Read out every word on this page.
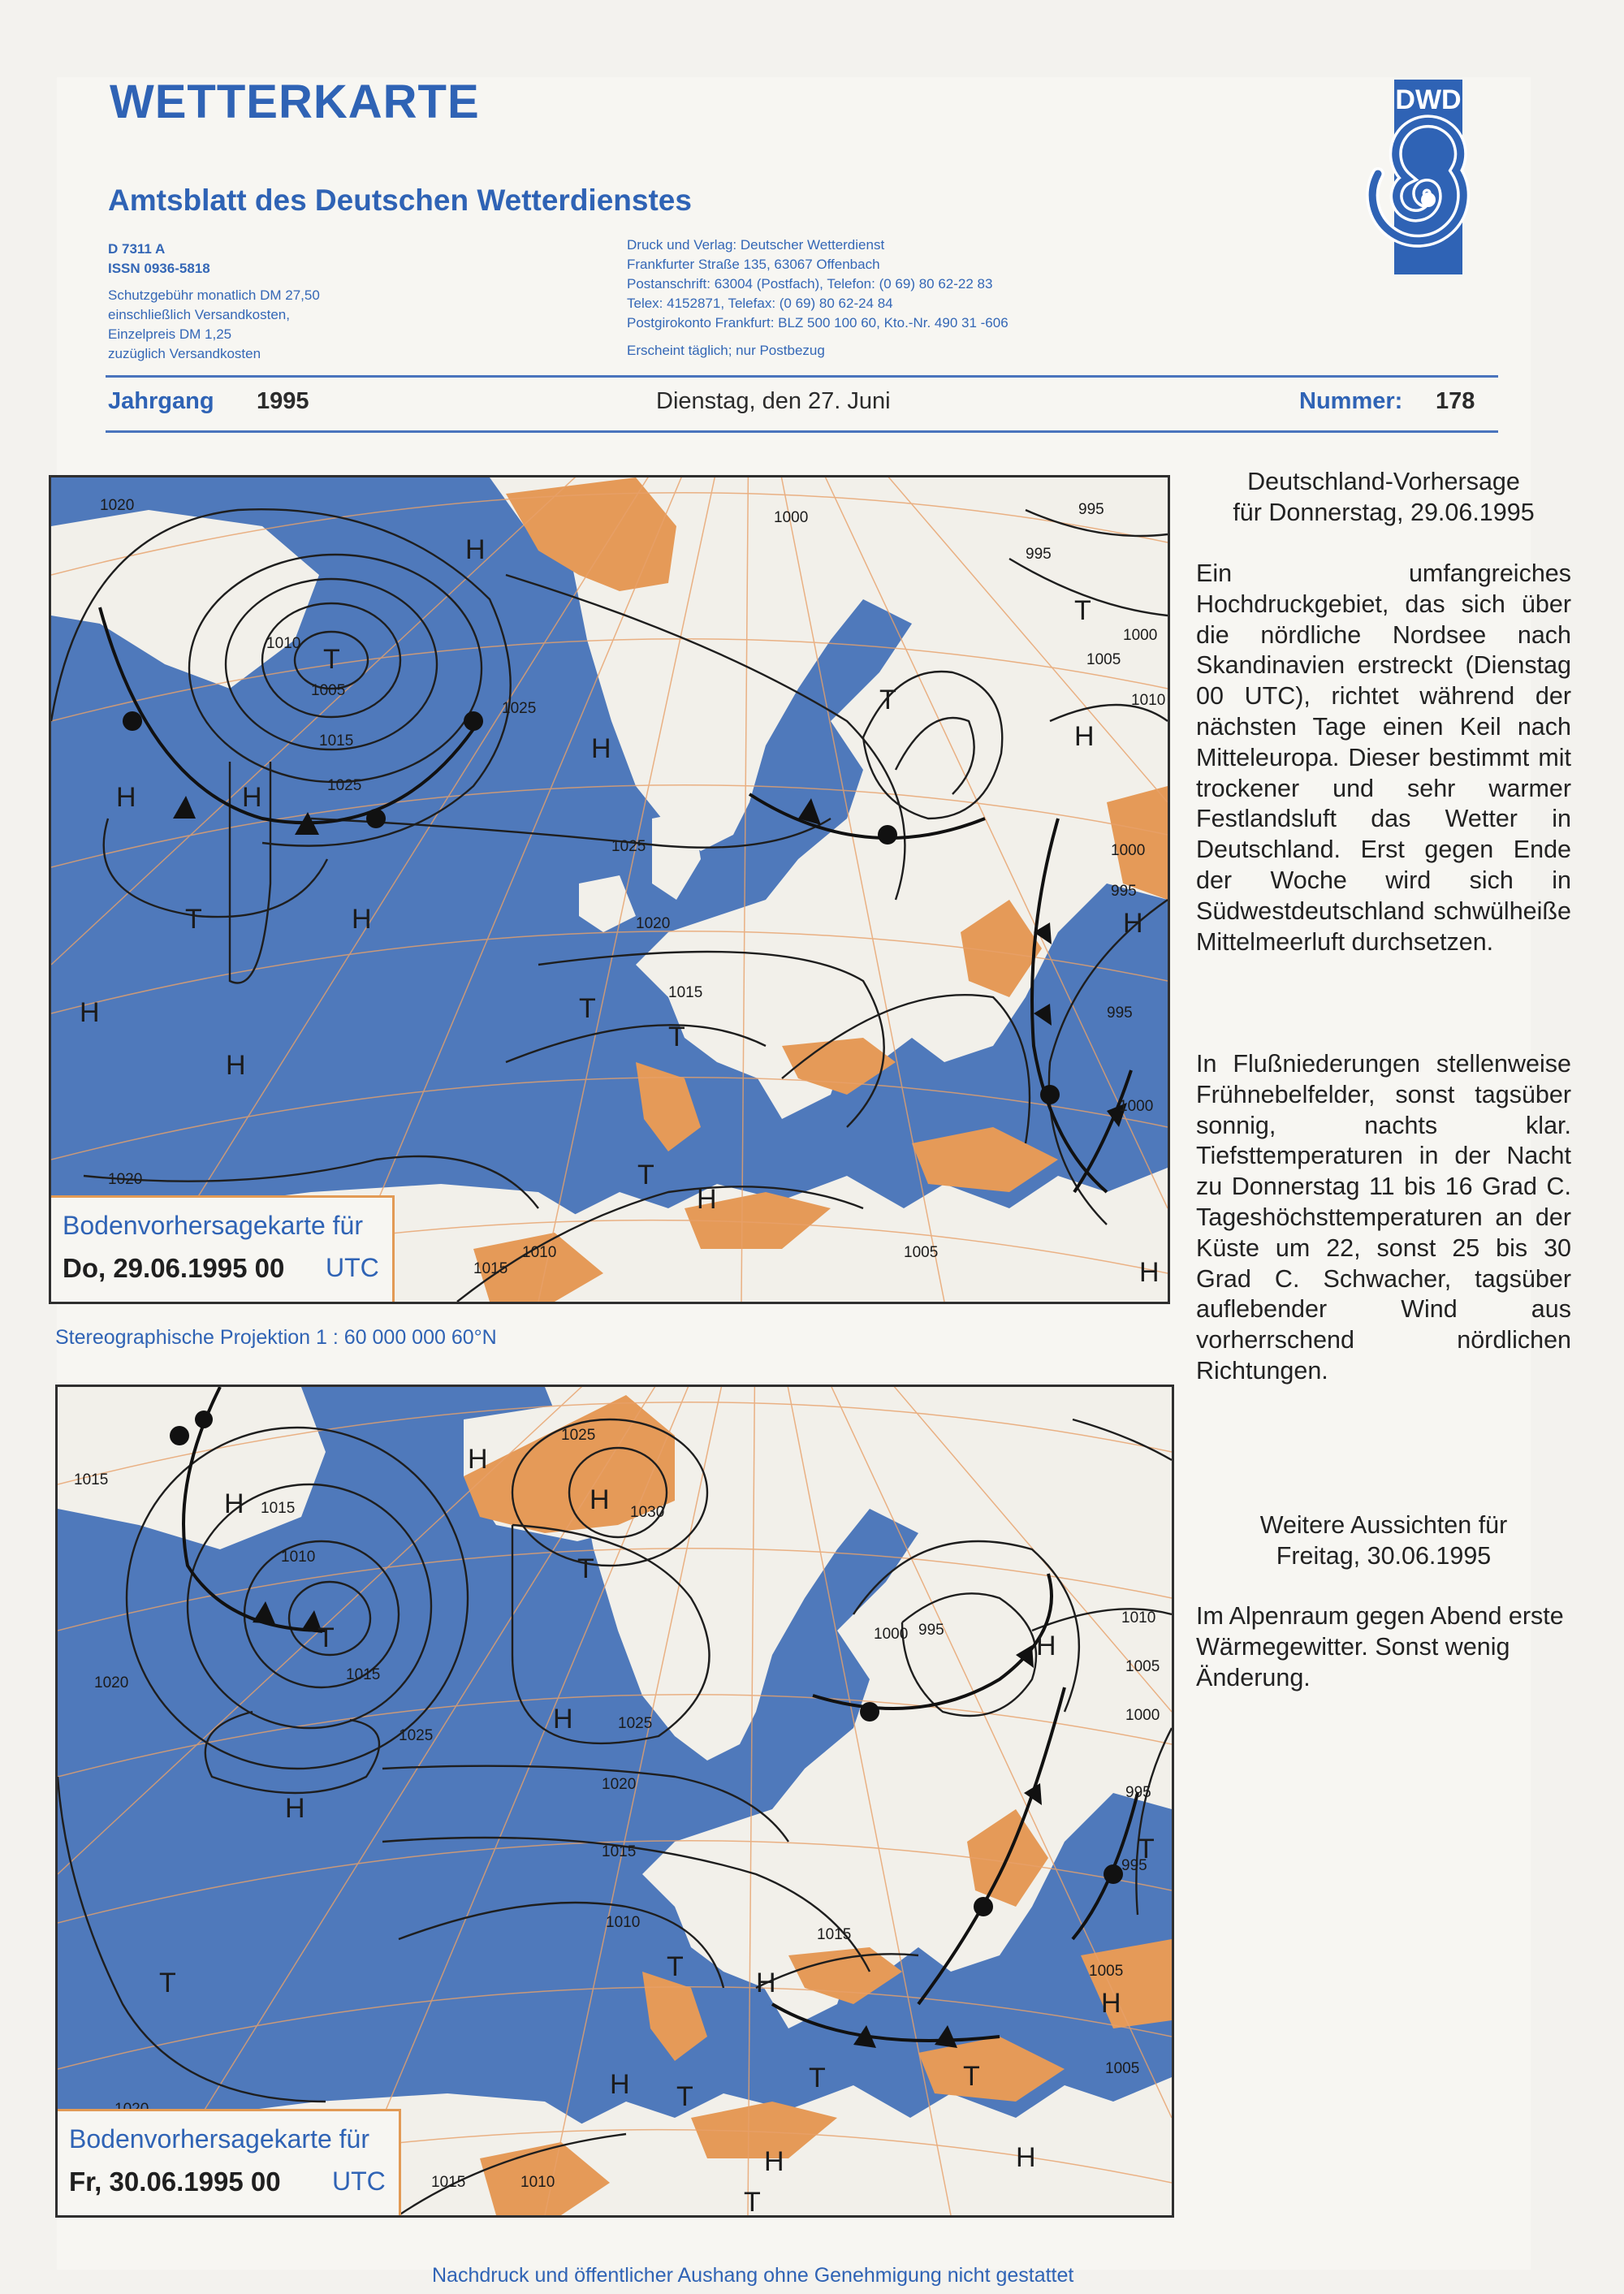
WETTERKARTE
Amtsblatt des Deutschen Wetterdienstes
D 7311 A
ISSN 0936-5818
Schutzgebühr monatlich DM 27,50
einschließlich Versandkosten,
Einzelpreis DM 1,25
zuzüglich Versandkosten
Druck und Verlag: Deutscher Wetterdienst
Frankfurter Straße 135, 63067 Offenbach
Postanschrift: 63004 (Postfach), Telefon: (0 69) 80 62-22 83
Telex: 4152871, Telefax: (0 69) 80 62-24 84
Postgirokonto Frankfurt: BLZ 500 100 60, Kto.-Nr. 490 31 -606
Erscheint täglich; nur Postbezug
DWD
Jahrgang 1995	Dienstag, den 27. Juni	Nummer: 178
1020
1010
1005
1015
1025
1025
1025
1020
1015
1000	995
995
1000
1005
1010
1000
995
995
1000
1020
1015
1010	1005
H
T
H	H
H
T	H
H
H
T
T
T
H
T
H
H
T
H
Bodenvorhersagekarte für
Do, 29.06.1995 00 UTC
Stereographische Projektion 1 : 60 000 000 60°N
1015
1015
1010
1015
1025
1030
1020
1025
1025
1020
1015
1010
1000 995
1010
1005
1000
995
995
1015
1005
1005
1015	1010
H
H
T
H
T
H
H
T
T
H
H T
T
H
H
T
H
T
H
T
Bodenvorhersagekarte für
Fr, 30.06.1995 00 UTC
Deutschland-Vorhersage
für Donnerstag, 29.06.1995
Ein umfangreiches Hochdruckgebiet, das sich über die nördliche Nordsee nach Skandinavien erstreckt (Dienstag 00 UTC), richtet während der nächsten Tage einen Keil nach Mitteleuropa. Dieser bestimmt mit trockener und sehr warmer Festlandsluft das Wetter in Deutschland. Erst gegen Ende der Woche wird sich in Südwestdeutschland schwülheiße Mittelmeerluft durchsetzen.
In Flußniederungen stellenweise Frühnebelfelder, sonst tagsüber sonnig, nachts klar. Tiefsttemperaturen in der Nacht zu Donnerstag 11 bis 16 Grad C. Tageshöchsttemperaturen an der Küste um 22, sonst 25 bis 30 Grad C. Schwacher, tagsüber auflebender Wind aus vorherrschend nördlichen Richtungen.
Weitere Aussichten für
Freitag, 30.06.1995
Im Alpenraum gegen Abend erste Wärmegewitter. Sonst wenig Änderung.
Nachdruck und öffentlicher Aushang ohne Genehmigung nicht gestattet
